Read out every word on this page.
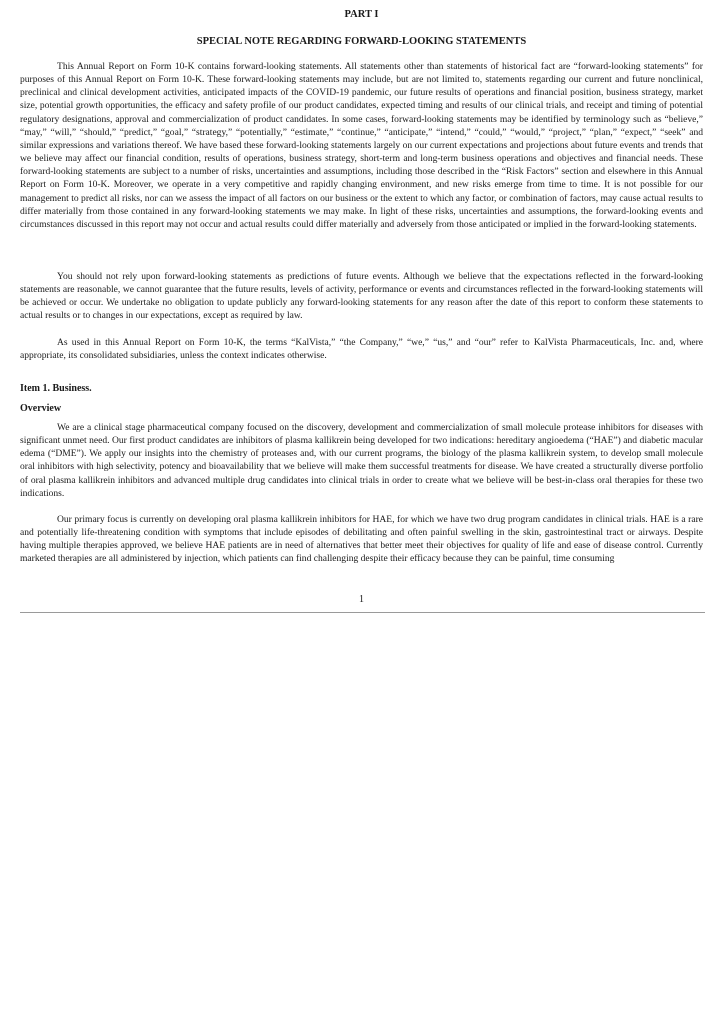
PART I
SPECIAL NOTE REGARDING FORWARD-LOOKING STATEMENTS

This Annual Report on Form 10-K contains forward-looking statements. All statements other than statements of historical fact are “forward-looking statements” for purposes of this Annual Report on Form 10-K. These forward-looking statements may include, but are not limited to, statements regarding our current and future nonclinical, preclinical and clinical development activities, anticipated impacts of the COVID-19 pandemic, our future results of operations and financial position, business strategy, market size, potential growth opportunities, the efficacy and safety profile of our product candidates, expected timing and results of our clinical trials, and receipt and timing of potential regulatory designations, approval and commercialization of product candidates. In some cases, forward-looking statements may be identified by terminology such as “believe,” “may,” “will,” “should,” “predict,” “goal,” “strategy,” “potentially,” “estimate,” “continue,” “anticipate,” “intend,” “could,” “would,” “project,” “plan,” “expect,” “seek” and similar expressions and variations thereof. We have based these forward-looking statements largely on our current expectations and projections about future events and trends that we believe may affect our financial condition, results of operations, business strategy, short-term and long-term business operations and objectives and financial needs. These forward-looking statements are subject to a number of risks, uncertainties and assumptions, including those described in the “Risk Factors” section and elsewhere in this Annual Report on Form 10-K. Moreover, we operate in a very competitive and rapidly changing environment, and new risks emerge from time to time. It is not possible for our management to predict all risks, nor can we assess the impact of all factors on our business or the extent to which any factor, or combination of factors, may cause actual results to differ materially from those contained in any forward-looking statements we may make. In light of these risks, uncertainties and assumptions, the forward-looking events and circumstances discussed in this report may not occur and actual results could differ materially and adversely from those anticipated or implied in the forward-looking statements.

You should not rely upon forward-looking statements as predictions of future events. Although we believe that the expectations reflected in the forward-looking statements are reasonable, we cannot guarantee that the future results, levels of activity, performance or events and circumstances reflected in the forward-looking statements will be achieved or occur. We undertake no obligation to update publicly any forward-looking statements for any reason after the date of this report to conform these statements to actual results or to changes in our expectations, except as required by law.

As used in this Annual Report on Form 10-K, the terms “KalVista,” “the Company,” “we,” “us,” and “our” refer to KalVista Pharmaceuticals, Inc. and, where appropriate, its consolidated subsidiaries, unless the context indicates otherwise.

Item 1. Business.
Overview

We are a clinical stage pharmaceutical company focused on the discovery, development and commercialization of small molecule protease inhibitors for diseases with significant unmet need. Our first product candidates are inhibitors of plasma kallikrein being developed for two indications: hereditary angioedema (“HAE”) and diabetic macular edema (“DME”). We apply our insights into the chemistry of proteases and, with our current programs, the biology of the plasma kallikrein system, to develop small molecule oral inhibitors with high selectivity, potency and bioavailability that we believe will make them successful treatments for disease. We have created a structurally diverse portfolio of oral plasma kallikrein inhibitors and advanced multiple drug candidates into clinical trials in order to create what we believe will be best-in-class oral therapies for these two indications.

Our primary focus is currently on developing oral plasma kallikrein inhibitors for HAE, for which we have two drug program candidates in clinical trials. HAE is a rare and potentially life-threatening condition with symptoms that include episodes of debilitating and often painful swelling in the skin, gastrointestinal tract or airways. Despite having multiple therapies approved, we believe HAE patients are in need of alternatives that better meet their objectives for quality of life and ease of disease control. Currently marketed therapies are all administered by injection, which patients can find challenging despite their efficacy because they can be painful, time consuming

1
